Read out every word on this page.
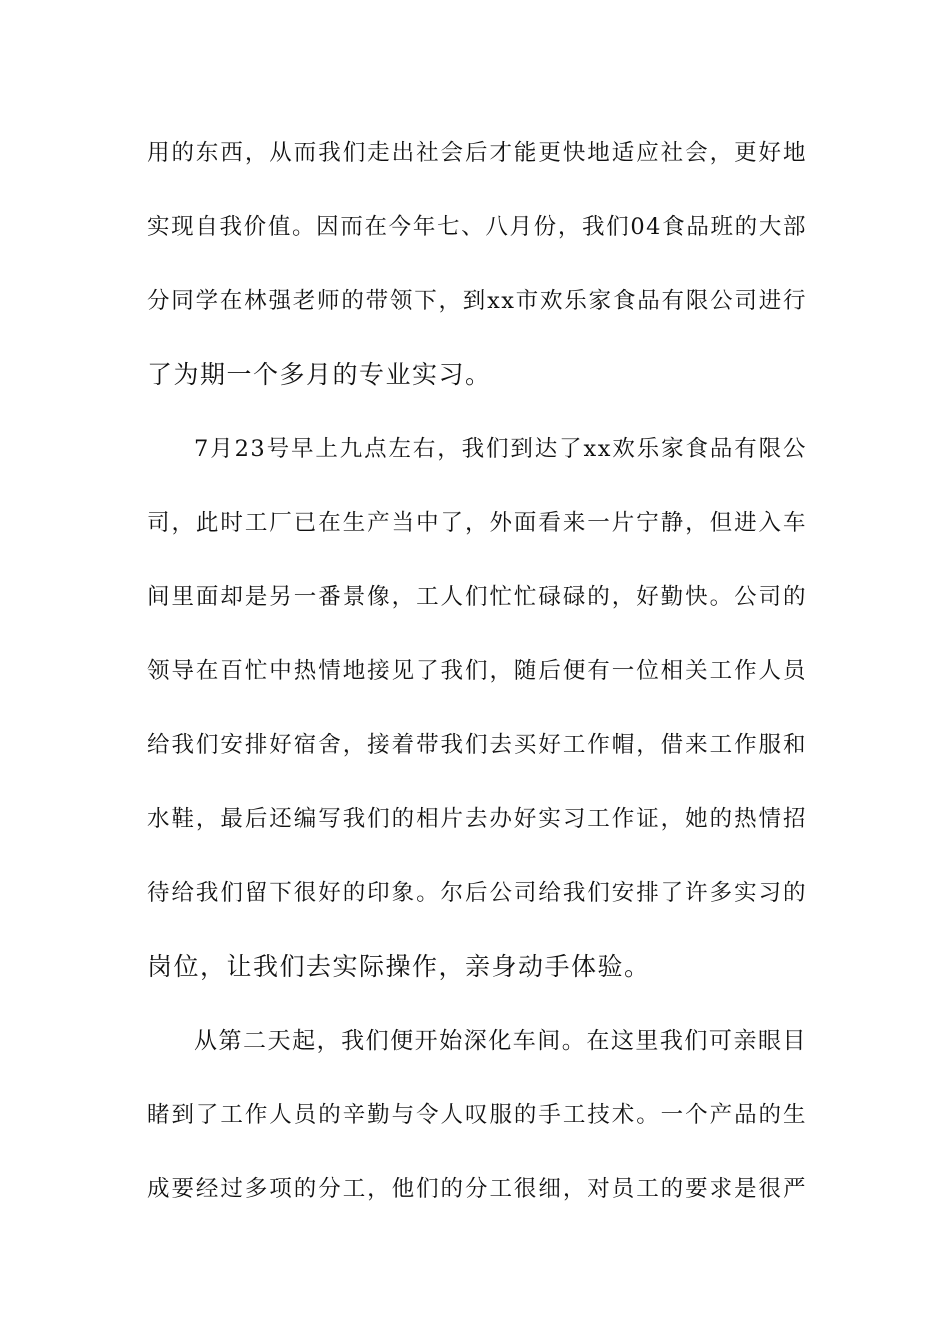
用的东西，从而我们走出社会后才能更快地适应社会，更好地
实现自我价值。因而在今年七、八月份，我们04食品班的大部
分同学在林强老师的带领下，到xx市欢乐家食品有限公司进行
了为期一个多月的专业实习。
7月23号早上九点左右，我们到达了xx欢乐家食品有限公
司，此时工厂已在生产当中了，外面看来一片宁静，但进入车
间里面却是另一番景像，工人们忙忙碌碌的，好勤快。公司的
领导在百忙中热情地接见了我们，随后便有一位相关工作人员
给我们安排好宿舍，接着带我们去买好工作帽，借来工作服和
水鞋，最后还编写我们的相片去办好实习工作证，她的热情招
待给我们留下很好的印象。尔后公司给我们安排了许多实习的
岗位，让我们去实际操作，亲身动手体验。
从第二天起，我们便开始深化车间。在这里我们可亲眼目
睹到了工作人员的辛勤与令人叹服的手工技术。一个产品的生
成要经过多项的分工，他们的分工很细，对员工的要求是很严
